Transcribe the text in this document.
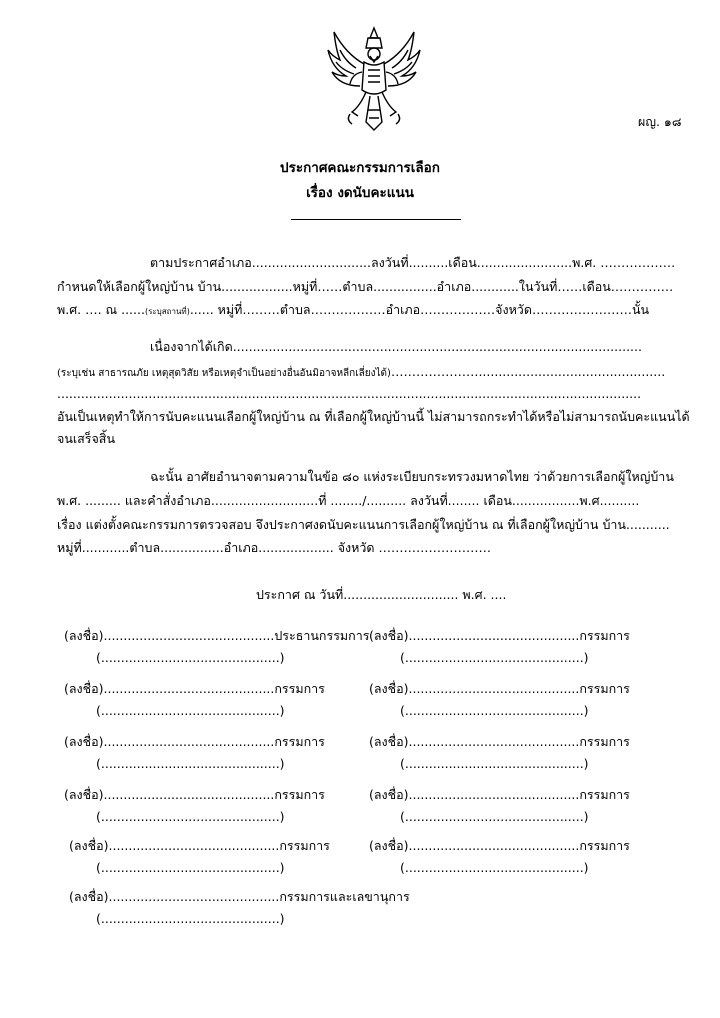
ผญ. ๑๘
ประกาศคณะกรรมการเลือก
เรื่อง งดนับคะแนน
ตามประกาศอำเภอ..............................ลงวันที่..........เดือน........................พ.ศ. ………………
กำหนดให้เลือกผู้ใหญ่บ้าน บ้าน..................หมู่ที่……ตำบล................อำเภอ............ในวันที่……เดือน……………
พ.ศ. …. ณ ......(ระบุสถานที่)...... หมู่ที่………ตำบล………………อำเภอ………………จังหวัด……………………นั้น
เนื่องจากได้เกิด.......................................................................................................
(ระบุเช่น สาธารณภัย เหตุสุดวิสัย หรือเหตุจำเป็นอย่างอื่นอันมิอาจหลีกเลี่ยงได้)…………………...............................................
...................................................................................................................................................
อันเป็นเหตุทำให้การนับคะแนนเลือกผู้ใหญ่บ้าน ณ ที่เลือกผู้ใหญ่บ้านนี้ ไม่สามารถกระทำได้หรือไม่สามารถนับคะแนนได้
จนเสร็จสิ้น
ฉะนั้น อาศัยอำนาจตามความในข้อ ๘๐ แห่งระเบียบกระทรวงมหาดไทย ว่าด้วยการเลือกผู้ใหญ่บ้าน
พ.ศ. ......... และคำสั่งอำเภอ...........................ที่ ......../.......... ลงวันที่........ เดือน.................พ.ศ..........
เรื่อง แต่งตั้งคณะกรรมการตรวจสอบ จึงประกาศงดนับคะแนนการเลือกผู้ใหญ่บ้าน ณ ที่เลือกผู้ใหญ่บ้าน บ้าน...........
หมู่ที่............ตำบล................อำเภอ................... จังหวัด ………………………
ประกาศ ณ วันที่............................. พ.ศ. ....
(ลงชื่อ)...........................................ประธานกรรมการ
(.............................................)
(ลงชื่อ)...........................................กรรมการ
(.............................................)
(ลงชื่อ)...........................................กรรมการ
(.............................................)
(ลงชื่อ)...........................................กรรมการ
(.............................................)
(ลงชื่อ)...........................................กรรมการ
(.............................................)
(ลงชื่อ)...........................................กรรมการ
(.............................................)
(ลงชื่อ)...........................................กรรมการ
(.............................................)
(ลงชื่อ)...........................................กรรมการ
(.............................................)
(ลงชื่อ)...........................................กรรมการ
(.............................................)
(ลงชื่อ)...........................................กรรมการ
(.............................................)
(ลงชื่อ)...........................................กรรมการและเลขานุการ
(.............................................)
